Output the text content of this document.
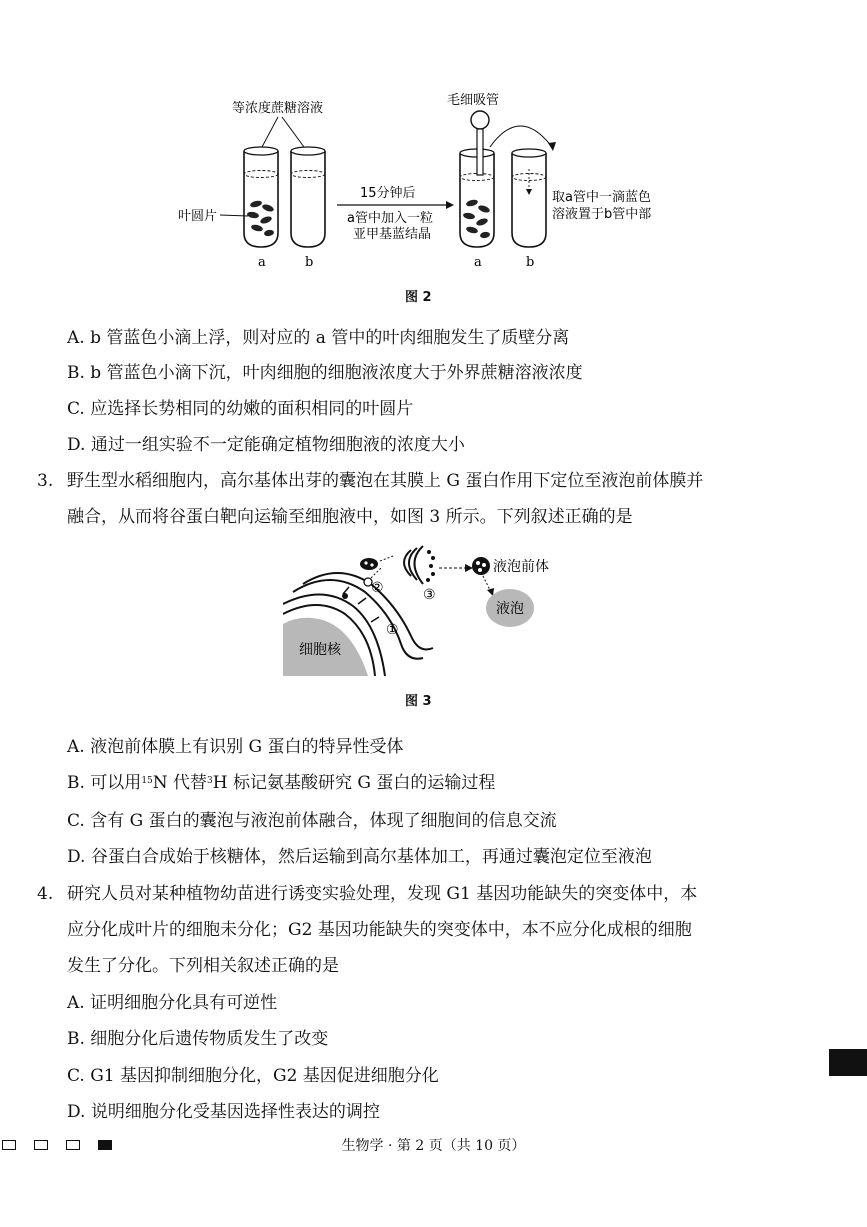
等浓度蔗糖溶液
叶圆片
a	b
15分钟后
a管中加入一粒
亚甲基蓝结晶
毛细吸管
a	b
取a管中一滴蓝色
溶液置于b管中部
图 2
A. b 管蓝色小滴上浮，则对应的 a 管中的叶肉细胞发生了质壁分离
B. b 管蓝色小滴下沉，叶肉细胞的细胞液浓度大于外界蔗糖溶液浓度
C. 应选择长势相同的幼嫩的面积相同的叶圆片
D. 通过一组实验不一定能确定植物细胞液的浓度大小
3. 野生型水稻细胞内，高尔基体出芽的囊泡在其膜上 G 蛋白作用下定位至液泡前体膜并
融合，从而将谷蛋白靶向运输至细胞液中，如图 3 所示。下列叙述正确的是
细胞核
①
②	③
液泡前体
液泡
图 3
A. 液泡前体膜上有识别 G 蛋白的特异性受体
B. 可以用$^{15}$N 代替$^3$H 标记氨基酸研究 G 蛋白的运输过程
C. 含有 G 蛋白的囊泡与液泡前体融合，体现了细胞间的信息交流
D. 谷蛋白合成始于核糖体，然后运输到高尔基体加工，再通过囊泡定位至液泡
4. 研究人员对某种植物幼苗进行诱变实验处理，发现 G1 基因功能缺失的突变体中，本
应分化成叶片的细胞未分化；G2 基因功能缺失的突变体中，本不应分化成根的细胞
发生了分化。下列相关叙述正确的是
A. 证明细胞分化具有可逆性
B. 细胞分化后遗传物质发生了改变
C. G1 基因抑制细胞分化，G2 基因促进细胞分化
D. 说明细胞分化受基因选择性表达的调控
生物学 · 第 2 页（共 10 页）
